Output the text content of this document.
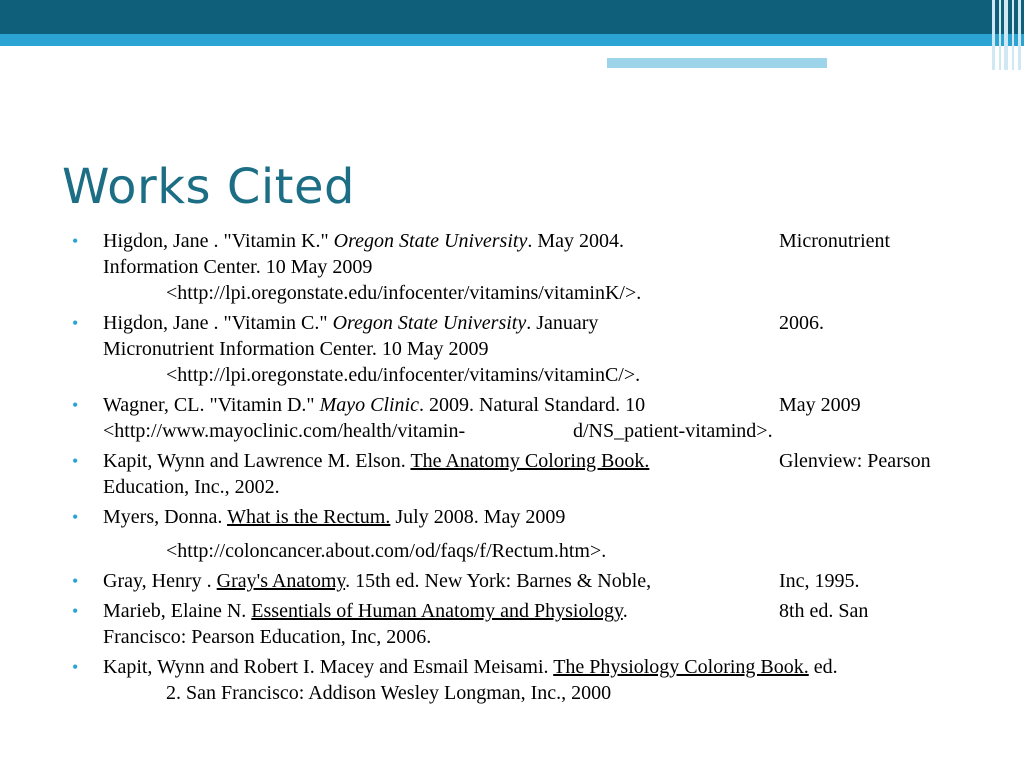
Works Cited
• Higdon, Jane . "Vitamin K." Oregon State University. May 2004.	Micronutrient
Information Center. 10 May 2009
<http://lpi.oregonstate.edu/infocenter/vitamins/vitaminK/>.
• Higdon, Jane . "Vitamin C." Oregon State University. January	2006.
Micronutrient Information Center. 10 May 2009
<http://lpi.oregonstate.edu/infocenter/vitamins/vitaminC/>.
• Wagner, CL. "Vitamin D." Mayo Clinic. 2009. Natural Standard. 10	May 2009
<http://www.mayoclinic.com/health/vitamin-	d/NS_patient-vitamind>.
• Kapit, Wynn and Lawrence M. Elson. The Anatomy Coloring Book.	Glenview: Pearson
Education, Inc., 2002.
• Myers, Donna. What is the Rectum. July 2008. May 2009
<http://coloncancer.about.com/od/faqs/f/Rectum.htm>.
• Gray, Henry . Gray's Anatomy. 15th ed. New York: Barnes & Noble,	Inc, 1995.
• Marieb, Elaine N. Essentials of Human Anatomy and Physiology.	8th ed. San
Francisco: Pearson Education, Inc, 2006.
• Kapit, Wynn and Robert I. Macey and Esmail Meisami. The Physiology Coloring Book. ed.
2. San Francisco: Addison Wesley Longman, Inc., 2000
